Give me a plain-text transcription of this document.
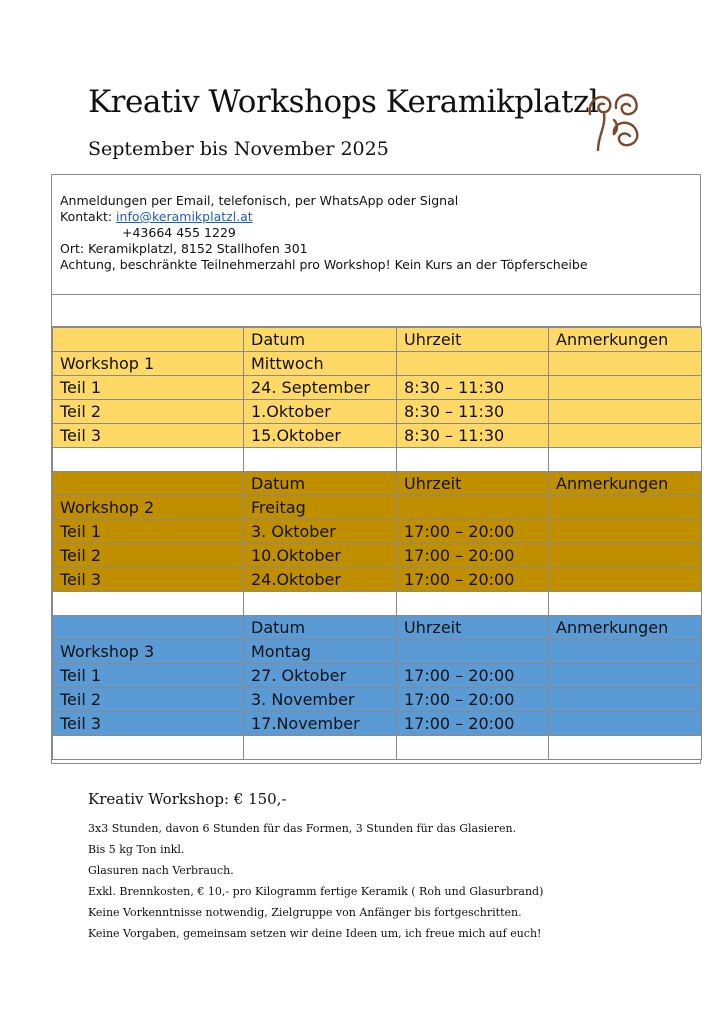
Kreativ Workshops Keramikplatzl
September bis November 2025
Anmeldungen per Email, telefonisch, per WhatsApp oder Signal
Kontakt: info@keramikplatzl.at
+43664 455 1229
Ort: Keramikplatzl, 8152 Stallhofen 301
Achtung, beschränkte Teilnehmerzahl pro Workshop! Kein Kurs an der Töpferscheibe
	Datum	Uhrzeit	Anmerkungen
Workshop 1	Mittwoch		
Teil 1	24. September	8:30 – 11:30	
Teil 2	1.Oktober	8:30 – 11:30	
Teil 3	15.Oktober	8:30 – 11:30	

	Datum	Uhrzeit	Anmerkungen
Workshop 2	Freitag		
Teil 1	3. Oktober	17:00 – 20:00	
Teil 2	10.Oktober	17:00 – 20:00	
Teil 3	24.Oktober	17:00 – 20:00	

	Datum	Uhrzeit	Anmerkungen
Workshop 3	Montag		
Teil 1	27. Oktober	17:00 – 20:00	
Teil 2	3. November	17:00 – 20:00	
Teil 3	17.November	17:00 – 20:00	

Kreativ Workshop: € 150,-
3x3 Stunden, davon 6 Stunden für das Formen, 3 Stunden für das Glasieren.
Bis 5 kg Ton inkl.
Glasuren nach Verbrauch.
Exkl. Brennkosten, € 10,- pro Kilogramm fertige Keramik ( Roh und Glasurbrand)
Keine Vorkenntnisse notwendig, Zielgruppe von Anfänger bis fortgeschritten.
Keine Vorgaben, gemeinsam setzen wir deine Ideen um, ich freue mich auf euch!
